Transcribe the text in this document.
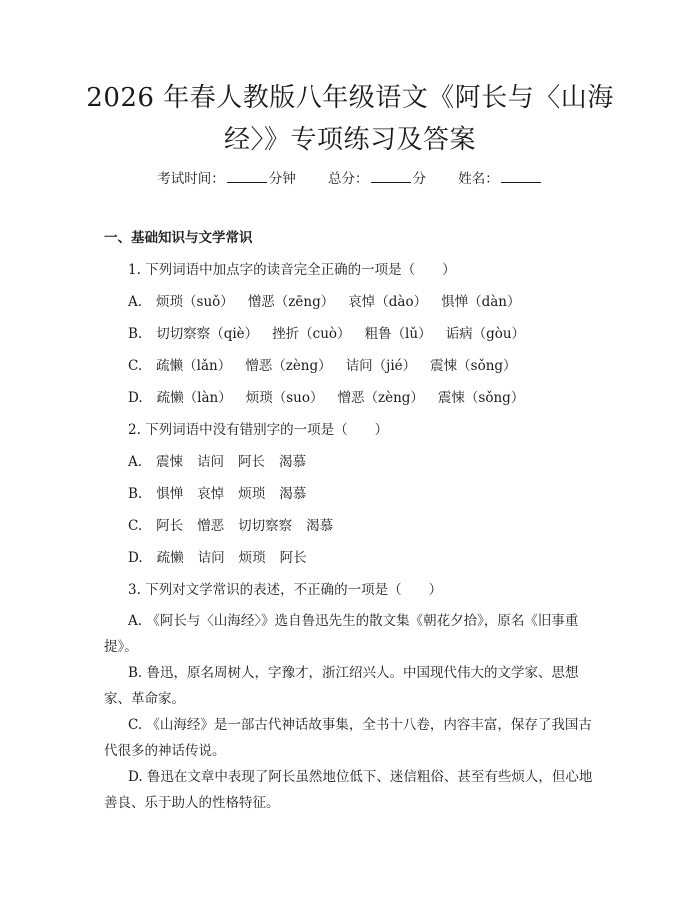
2026 年春人教版八年级语文《阿长与〈山海
经〉》专项练习及答案
考试时间：	分钟 总分：	分 姓名：
一、基础知识与文学常识
1. 下列词语中加点字的读音完全正确的一项是（　　）
A. 烦琐（suǒ） 憎恶（zēng） 哀悼（dào） 惧惮（dàn）
B. 切切察察（qiè） 挫折（cuò） 粗鲁（lǔ） 诟病（gòu）
C. 疏懒（lǎn） 憎恶（zèng） 诘问（jié） 震悚（sǒng）
D. 疏懒（làn） 烦琐（suo） 憎恶（zèng） 震悚（sǒng）
2. 下列词语中没有错别字的一项是（　　）
A. 震悚 诘问 阿长 渴慕
B. 惧惮 哀悼 烦琐 渴慕
C. 阿长 憎恶 切切察察 渴慕
D. 疏懒 诘问 烦琐 阿长
3. 下列对文学常识的表述，不正确的一项是（　　）
A. 《阿长与〈山海经〉》选自鲁迅先生的散文集《朝花夕拾》，原名《旧事重提》。
B. 鲁迅，原名周树人，字豫才，浙江绍兴人。中国现代伟大的文学家、思想家、革命家。
C. 《山海经》是一部古代神话故事集，全书十八卷，内容丰富，保存了我国古代很多的神话传说。
D. 鲁迅在文章中表现了阿长虽然地位低下、迷信粗俗、甚至有些烦人，但心地善良、乐于助人的性格特征。
